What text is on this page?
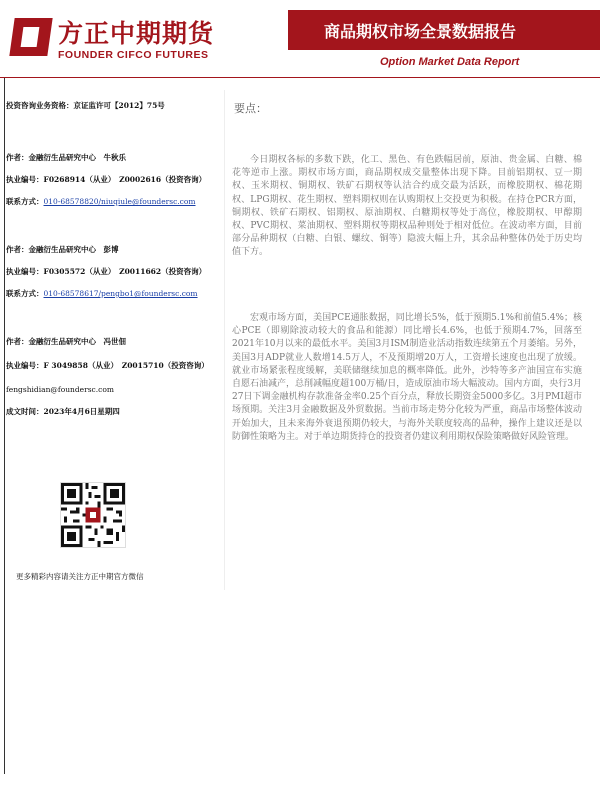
方正中期期货
FOUNDER CIFCO FUTURES
商品期权市场全景数据报告
Option Market Data Report
投资咨询业务资格：京证监许可【2012】75号
作者：金融衍生品研究中心　牛秋乐
执业编号：F0268914（从业）　Z0002616（投资咨询）
联系方式：010-68578820/niuqiule@foundersc.com
作者：金融衍生品研究中心　彭博
执业编号：F0305572（从业）　Z0011662（投资咨询）
联系方式：010-68578617/pengbo1@foundersc.com
作者：金融衍生品研究中心　冯世佃
执业编号：F 3049858（从业）　Z0015710（投资咨询）
fengshidian@foundersc.com
成文时间：2023年4月6日星期四
更多精彩内容请关注方正中期官方微信
要点：

今日期权各标的多数下跌，化工、黑色、有色跌幅居前，原油、贵金属、白糖、棉花等逆市上涨。期权市场方面，商品期权成交量整体出现下降。目前铝期权、豆一期权、玉米期权、铜期权、铁矿石期权等认沽合约成交最为活跃，而橡胶期权、棉花期权、LPG期权、花生期权、塑料期权则在认购期权上交投更为积极。在持仓PCR方面，铜期权、铁矿石期权、铝期权、原油期权、白糖期权等处于高位，橡胶期权、甲醇期权、PVC期权、菜油期权、塑料期权等期权品种则处于相对低位。在波动率方面，目前部分品种期权（白糖、白银、螺纹、铜等）隐波大幅上升，其余品种整体仍处于历史均值下方。

宏观市场方面，美国PCE通胀数据，同比增长5%，低于预期5.1%和前值5.4%；核心PCE（即剔除波动较大的食品和能源）同比增长4.6%，也低于预期4.7%，回落至2021年10月以来的最低水平。美国3月ISM制造业活动指数连续第五个月萎缩。另外，美国3月ADP就业人数增14.5万人，不及预期增20万人，工资增长速度也出现了放缓。就业市场紧张程度缓解，美联储继续加息的概率降低。此外，沙特等多产油国宣布实施自愿石油减产，总削减幅度超100万桶/日，造成原油市场大幅波动。国内方面，央行3月27日下调金融机构存款准备金率0.25个百分点，释放长期资金5000多亿。3月PMI超市场预期。关注3月金融数据及外贸数据。当前市场走势分化较为严重，商品市场整体波动开始加大，且未来海外衰退预期仍较大，与海外关联度较高的品种，操作上建议还是以防御性策略为主。对于单边期货持仓的投资者仍建议利用期权保险策略做好风险管理。
